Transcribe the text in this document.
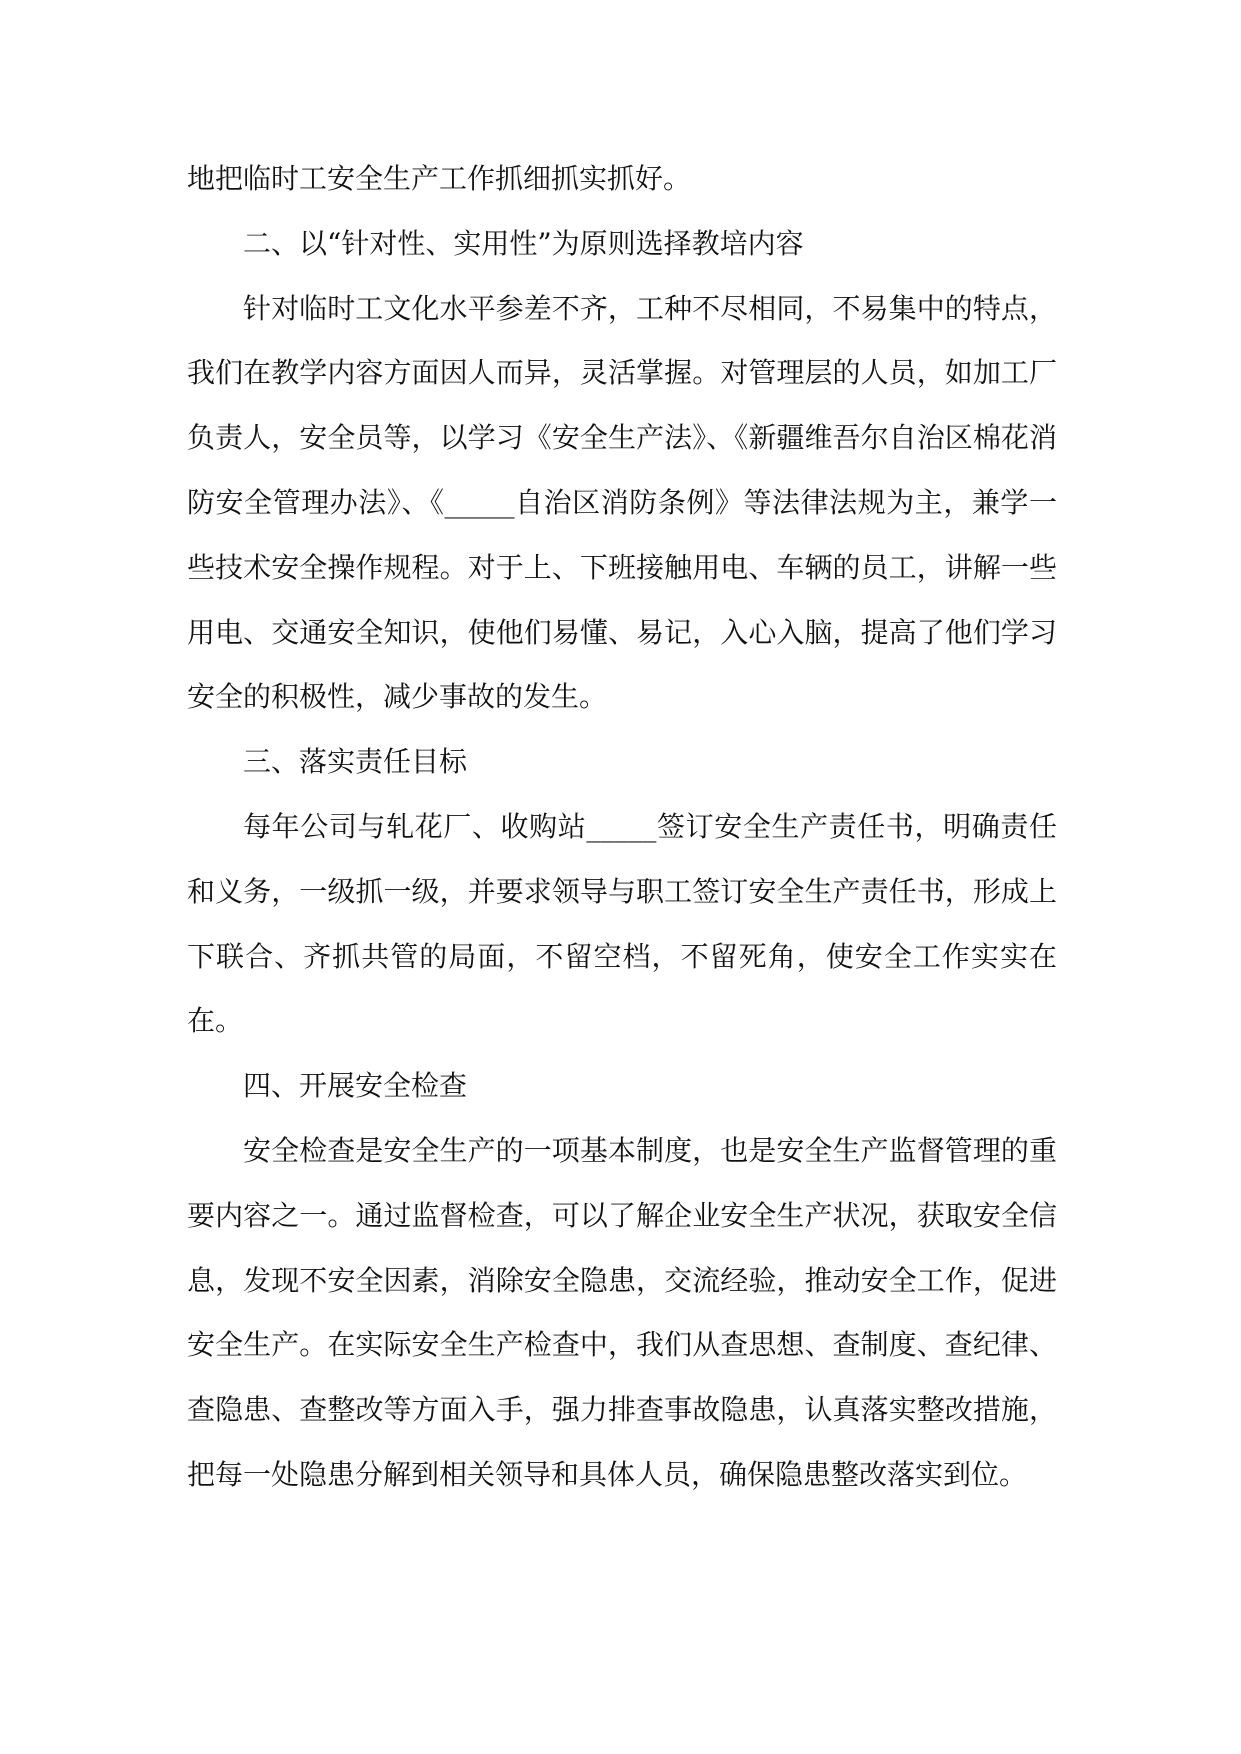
地把临时工安全生产工作抓细抓实抓好。

二、以“针对性、实用性”为原则选择教培内容

针对临时工文化水平参差不齐，工种不尽相同，不易集中的特点，我们在教学内容方面因人而异，灵活掌握。对管理层的人员，如加工厂负责人，安全员等，以学习《安全生产法》、《新疆维吾尔自治区棉花消防安全管理办法》、《_____自治区消防条例》等法律法规为主，兼学一些技术安全操作规程。对于上、下班接触用电、车辆的员工，讲解一些用电、交通安全知识，使他们易懂、易记，入心入脑，提高了他们学习安全的积极性，减少事故的发生。

三、落实责任目标

每年公司与轧花厂、收购站_____签订安全生产责任书，明确责任和义务，一级抓一级，并要求领导与职工签订安全生产责任书，形成上下联合、齐抓共管的局面，不留空档，不留死角，使安全工作实实在在。

四、开展安全检查

安全检查是安全生产的一项基本制度，也是安全生产监督管理的重要内容之一。通过监督检查，可以了解企业安全生产状况，获取安全信息，发现不安全因素，消除安全隐患，交流经验，推动安全工作，促进安全生产。在实际安全生产检查中，我们从查思想、查制度、查纪律、查隐患、查整改等方面入手，强力排查事故隐患，认真落实整改措施，把每一处隐患分解到相关领导和具体人员，确保隐患整改落实到位。
